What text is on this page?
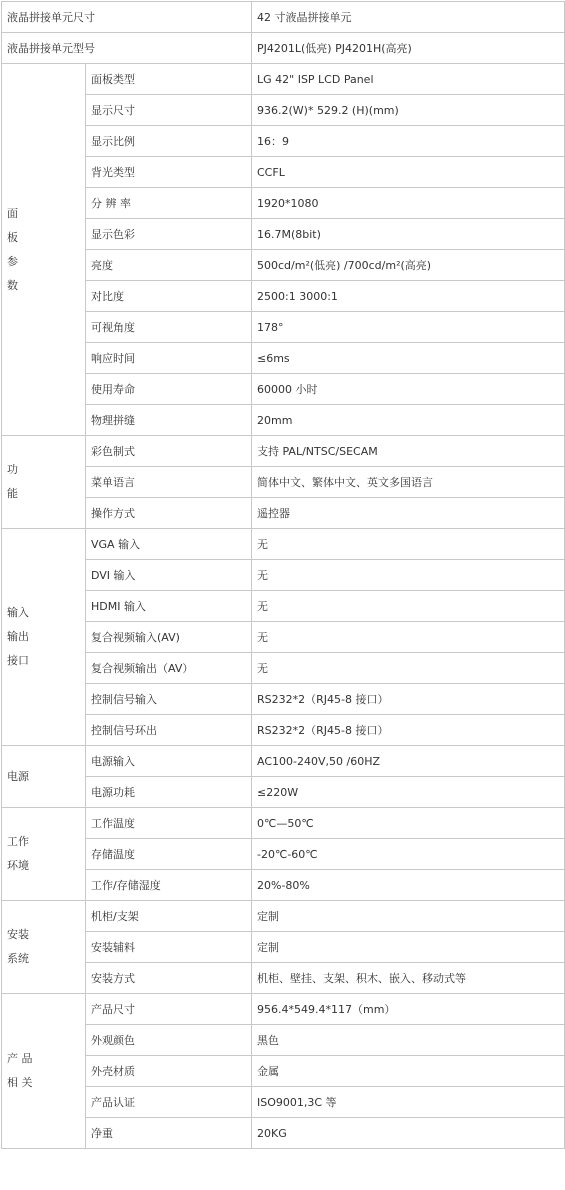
液晶拼接单元尺寸		42 寸液晶拼接单元
液晶拼接单元型号		PJ4201L(低亮) PJ4201H(高亮)
面
板
参
数	面板类型	LG 42" ISP LCD Panel
	显示尺寸	936.2(W)* 529.2 (H)(mm)
	显示比例	16：9
	背光类型	CCFL
	分 辨 率	1920*1080
	显示色彩	16.7M(8bit)
	亮度	500cd/m²(低亮) /700cd/m²(高亮)
	对比度	2500:1 3000:1
	可视角度	178°
	响应时间	≤6ms
	使用寿命	60000 小时
	物理拼缝	20mm
功
能	彩色制式	支持 PAL/NTSC/SECAM
	菜单语言	简体中文、繁体中文、英文多国语言
	操作方式	遥控器
输入
输出
接口	VGA 输入	无
	DVI 输入	无
	HDMI 输入	无
	复合视频输入(AV)	无
	复合视频输出（AV）	无
	控制信号输入	RS232*2（RJ45-8 接口）
	控制信号环出	RS232*2（RJ45-8 接口）
电源	电源输入	AC100-240V,50 /60HZ
	电源功耗	≤220W
工作
环境	工作温度	0℃—50℃
	存储温度	-20℃-60℃
	工作/存储湿度	20%-80%
安装
系统	机柜/支架	定制
	安装辅料	定制
	安装方式	机柜、壁挂、支架、积木、嵌入、移动式等
产 品
相 关	产品尺寸	956.4*549.4*117（mm）
	外观颜色	黑色
	外壳材质	金属
	产品认证	ISO9001,3C 等
	净重	20KG
